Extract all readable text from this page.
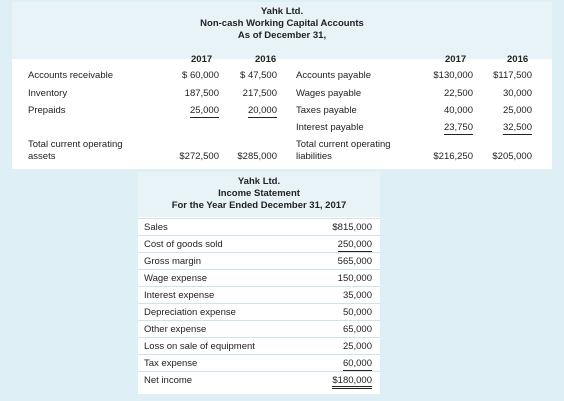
Yahk Ltd.
Non-cash Working Capital Accounts
As of December 31,
2017	2016	2017	2016
Accounts receivable	$ 60,000 $ 47,500
Inventory	187,500 217,500
Prepaids	25,000	20,000
Total current operating
assets	$272,500 $285,000
Accounts payable	$130,000 $117,500
Wages payable	22,500	30,000
Taxes payable	40,000	25,000
Interest payable	23,750	32,500
Total current operating
liabilities	$216,250 $205,000
Yahk Ltd.
Income Statement
For the Year Ended December 31, 2017
Sales	$815,000
Cost of goods sold	250,000
Gross margin	565,000
Wage expense	150,000
Interest expense	35,000
Depreciation expense	50,000
Other expense	65,000
Loss on sale of equipment	25,000
Tax expense	60,000
Net income	$180,000
